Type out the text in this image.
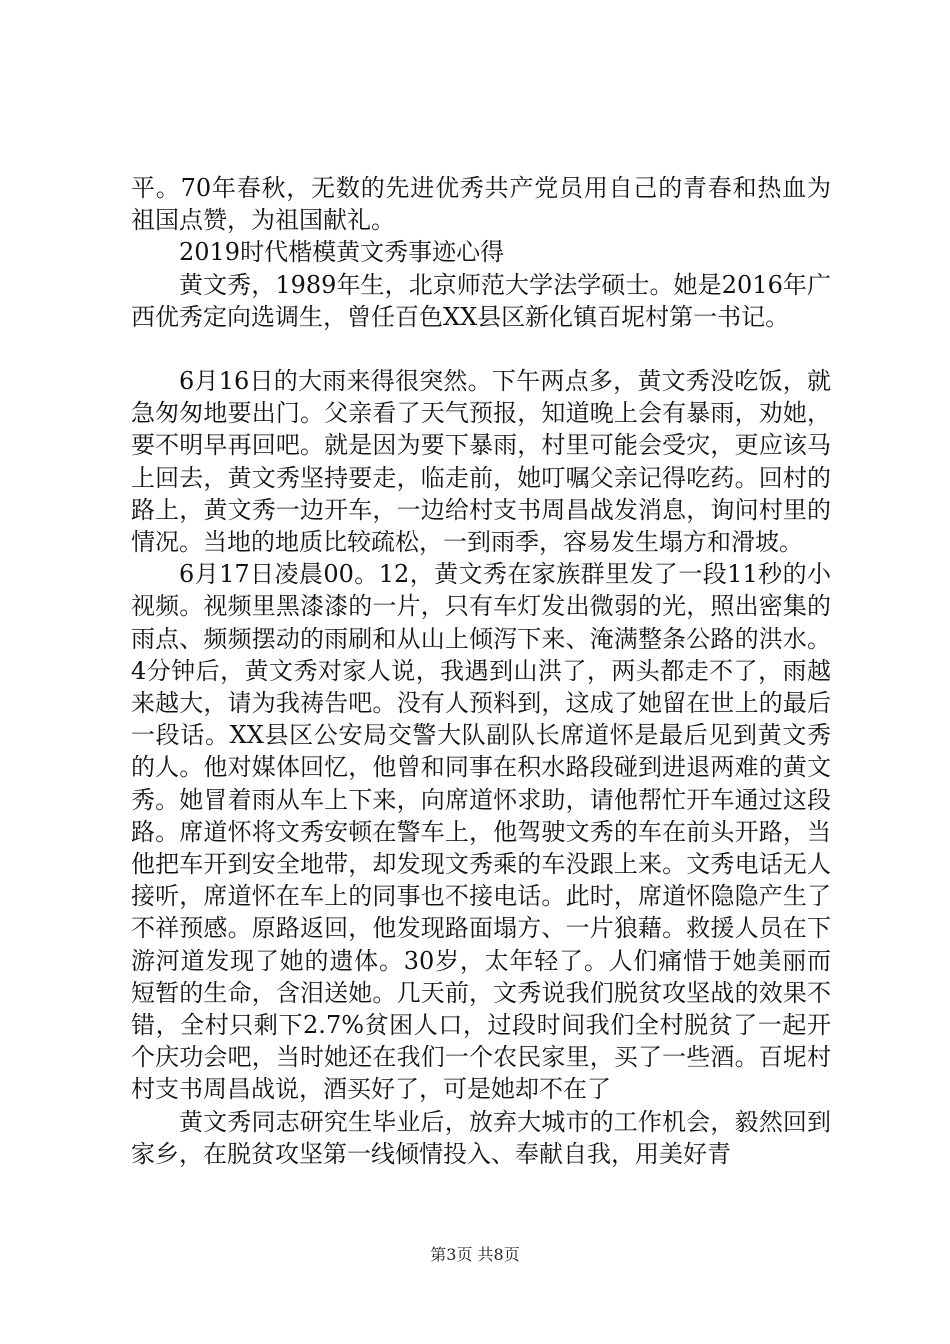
平。70年春秋，无数的先进优秀共产党员用自己的青春和热血为祖国点赞，为祖国献礼。

2019时代楷模黄文秀事迹心得

黄文秀，1989年生，北京师范大学法学硕士。她是2016年广西优秀定向选调生，曾任百色XX县区新化镇百坭村第一书记。

6月16日的大雨来得很突然。下午两点多，黄文秀没吃饭，就急匆匆地要出门。父亲看了天气预报，知道晚上会有暴雨，劝她，要不明早再回吧。就是因为要下暴雨，村里可能会受灾，更应该马上回去，黄文秀坚持要走，临走前，她叮嘱父亲记得吃药。回村的路上，黄文秀一边开车，一边给村支书周昌战发消息，询问村里的情况。当地的地质比较疏松，一到雨季，容易发生塌方和滑坡。

6月17日凌晨00。12，黄文秀在家族群里发了一段11秒的小视频。视频里黑漆漆的一片，只有车灯发出微弱的光，照出密集的雨点、频频摆动的雨刷和从山上倾泻下来、淹满整条公路的洪水。4分钟后，黄文秀对家人说，我遇到山洪了，两头都走不了，雨越来越大，请为我祷告吧。没有人预料到，这成了她留在世上的最后一段话。XX县区公安局交警大队副队长席道怀是最后见到黄文秀的人。他对媒体回忆，他曾和同事在积水路段碰到进退两难的黄文秀。她冒着雨从车上下来，向席道怀求助，请他帮忙开车通过这段路。席道怀将文秀安顿在警车上，他驾驶文秀的车在前头开路，当他把车开到安全地带，却发现文秀乘的车没跟上来。文秀电话无人接听，席道怀在车上的同事也不接电话。此时，席道怀隐隐产生了不祥预感。原路返回，他发现路面塌方、一片狼藉。救援人员在下游河道发现了她的遗体。30岁，太年轻了。人们痛惜于她美丽而短暂的生命，含泪送她。几天前，文秀说我们脱贫攻坚战的效果不错，全村只剩下2.7%贫困人口，过段时间我们全村脱贫了一起开个庆功会吧，当时她还在我们一个农民家里，买了一些酒。百坭村村支书周昌战说，酒买好了，可是她却不在了

黄文秀同志研究生毕业后，放弃大城市的工作机会，毅然回到家乡，在脱贫攻坚第一线倾情投入、奉献自我，用美好青

第3页 共8页
